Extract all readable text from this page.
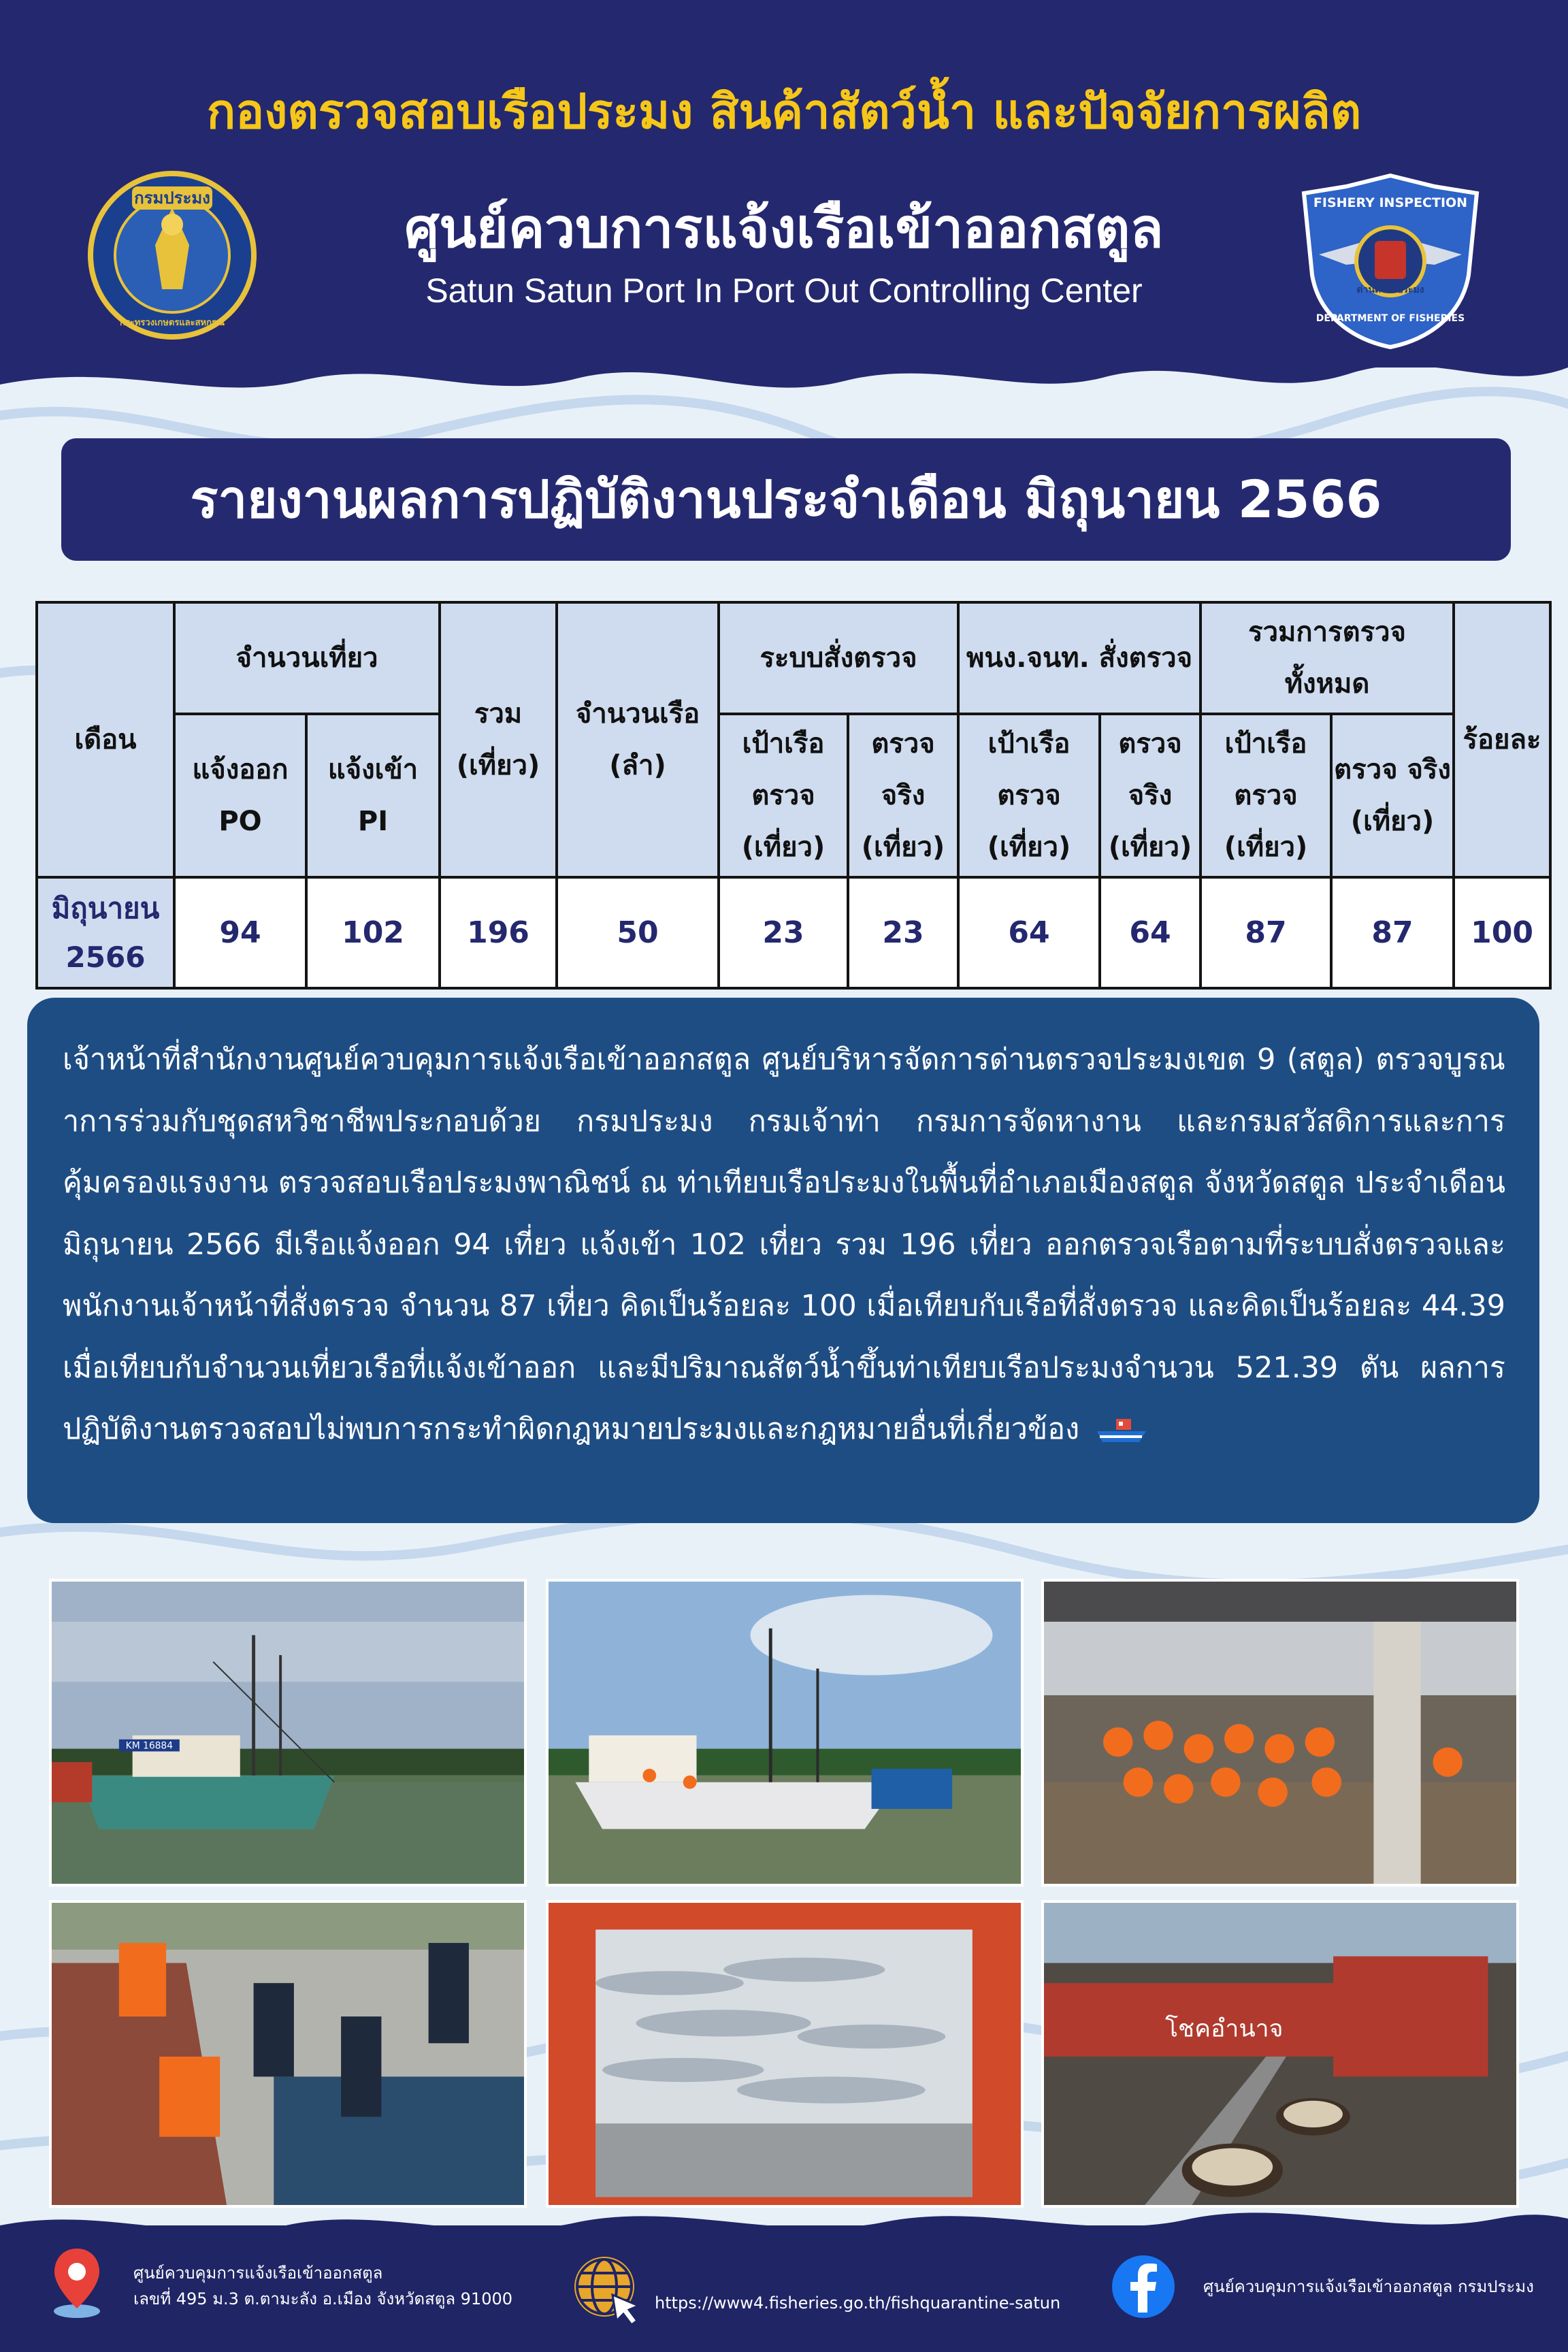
กองตรวจสอบเรือประมง สินค้าสัตว์น้ำ และปัจจัยการผลิต
ศูนย์ควบการแจ้งเรือเข้าออกสตูล
Satun Satun Port In Port Out Controlling Center
กรมประมง
กระทรวงเกษตรและสหกรณ์
FISHERY INSPECTION
ด่านตรวจประมง
DEPARTMENT OF FISHERIES
รายงานผลการปฏิบัติงานประจำเดือน มิถุนายน 2566
เดือน	จำนวนเที่ยว		รวม (เที่ยว)	จำนวนเรือ (ลำ)	ระบบสั่งตรวจ		พนง.จนท. สั่งตรวจ		รวมการตรวจ ทั้งหมด		ร้อยละ
	แจ้งออก PO	แจ้งเข้า PI			เป้าเรือ ตรวจ (เที่ยว)	ตรวจ จริง (เที่ยว)	เป้าเรือ ตรวจ (เที่ยว)	ตรวจ จริง (เที่ยว)	เป้าเรือ ตรวจ (เที่ยว)	ตรวจ จริง (เที่ยว)	
มิถุนายน 2566	94	102	196	50	23	23	64	64	87	87	100
เจ้าหน้าที่สำนักงานศูนย์ควบคุมการแจ้งเรือเข้าออกสตูล ศูนย์บริหารจัดการด่านตรวจประมงเขต 9 (สตูล) ตรวจบูรณาการร่วมกับชุดสหวิชาชีพประกอบด้วย กรมประมง กรมเจ้าท่า กรมการจัดหางาน และกรมสวัสดิการและการคุ้มครองแรงงาน ตรวจสอบเรือประมงพาณิชน์ ณ ท่าเทียบเรือประมงในพื้นที่อำเภอเมืองสตูล จังหวัดสตูล ประจำเดือนมิถุนายน 2566 มีเรือแจ้งออก 94 เที่ยว แจ้งเข้า 102 เที่ยว รวม 196 เที่ยว ออกตรวจเรือตามที่ระบบสั่งตรวจและพนักงานเจ้าหน้าที่สั่งตรวจ จำนวน 87 เที่ยว คิดเป็นร้อยละ 100 เมื่อเทียบกับเรือที่สั่งตรวจ และคิดเป็นร้อยละ 44.39 เมื่อเทียบกับจำนวนเที่ยวเรือที่แจ้งเข้าออก และมีปริมาณสัตว์น้ำขึ้นท่าเทียบเรือประมงจำนวน 521.39 ตัน ผลการปฏิบัติงานตรวจสอบไม่พบการกระทำผิดกฎหมายประมงและกฎหมายอื่นที่เกี่ยวข้อง
KM 16884
โชคอำนาจ
ศูนย์ควบคุมการแจ้งเรือเข้าออกสตูล
เลขที่ 495 ม.3 ต.ตามะลัง อ.เมือง จังหวัดสตูล 91000	https://www4.fisheries.go.th/fishquarantine-satun
ศูนย์ควบคุมการแจ้งเรือเข้าออกสตูล กรมประมง
